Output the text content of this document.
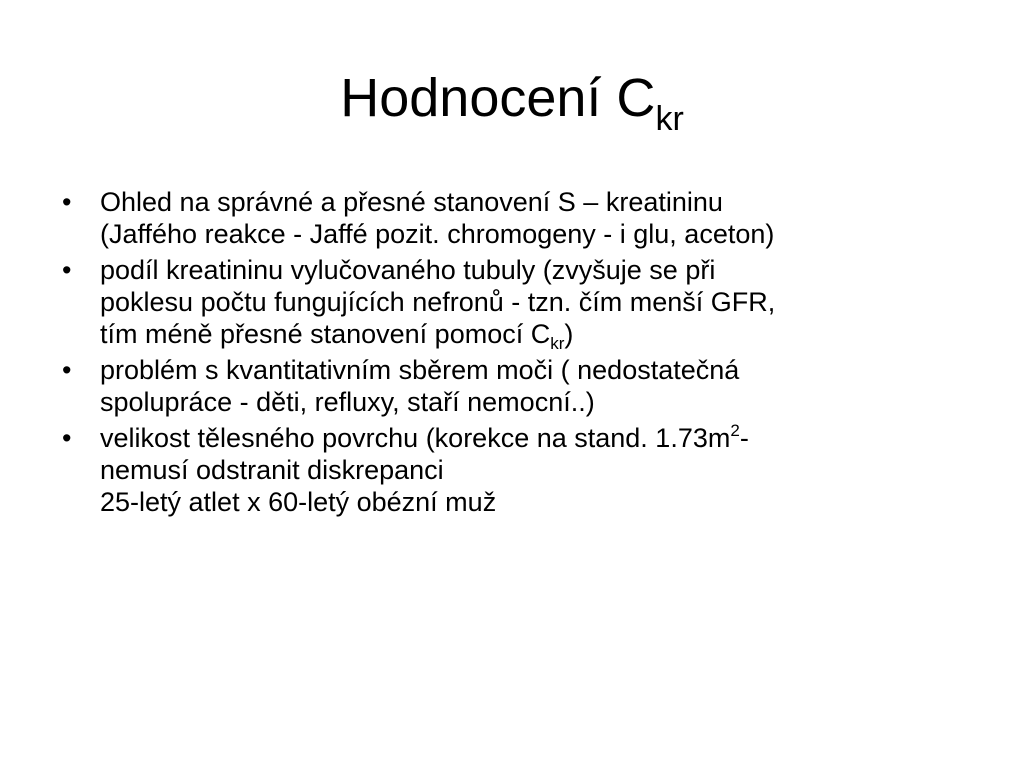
Hodnocení $C_{kr}$
• Ohled na správné a přesné stanovení S – kreatininu
(Jaffého reakce - Jaffé pozit. chromogeny - i glu, aceton)
• podíl kreatininu vylučovaného tubuly (zvyšuje se při
poklesu počtu fungujících nefronů - tzn. čím menší GFR,
tím méně přesné stanovení pomocí $C_{kr}$)
• problém s kvantitativním sběrem moči ( nedostatečná
spolupráce - děti, refluxy, staří nemocní..)
• velikost tělesného povrchu (korekce na stand. $1.73m^2-$
nemusí odstranit diskrepanci
25-letý atlet x 60-letý obézní muž
